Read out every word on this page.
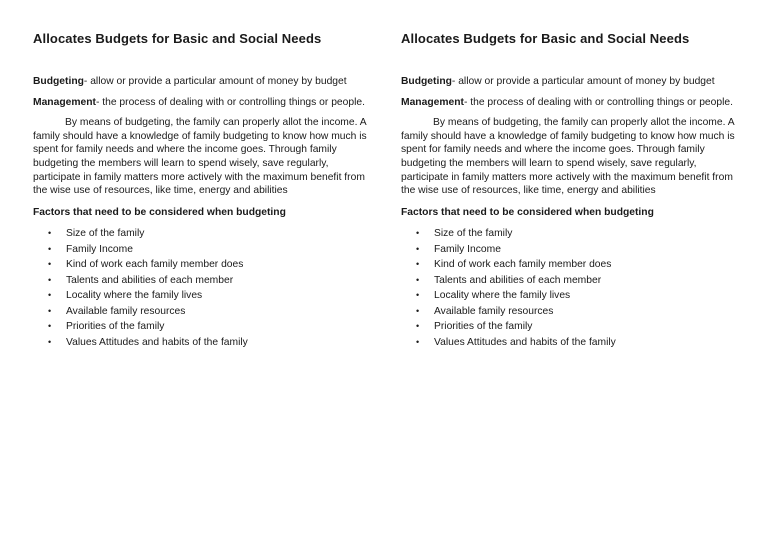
Allocates Budgets for Basic and Social Needs

Budgeting- allow or provide a particular amount of money by budget

Management- the process of dealing with or controlling things or people.

By means of budgeting, the family can properly allot the income. A family should have a knowledge of family budgeting to know how much is spent for family needs and where the income goes. Through family budgeting the members will learn to spend wisely, save regularly, participate in family matters more actively with the maximum benefit from the wise use of resources, like time, energy and abilities

Factors that need to be considered when budgeting

• Size of the family
• Family Income
• Kind of work each family member does
• Talents and abilities of each member
• Locality where the family lives
• Available family resources
• Priorities of the family
• Values Attitudes and habits of the family
Allocates Budgets for Basic and Social Needs

Budgeting- allow or provide a particular amount of money by budget

Management- the process of dealing with or controlling things or people.

By means of budgeting, the family can properly allot the income. A family should have a knowledge of family budgeting to know how much is spent for family needs and where the income goes. Through family budgeting the members will learn to spend wisely, save regularly, participate in family matters more actively with the maximum benefit from the wise use of resources, like time, energy and abilities

Factors that need to be considered when budgeting

• Size of the family
• Family Income
• Kind of work each family member does
• Talents and abilities of each member
• Locality where the family lives
• Available family resources
• Priorities of the family
• Values Attitudes and habits of the family
